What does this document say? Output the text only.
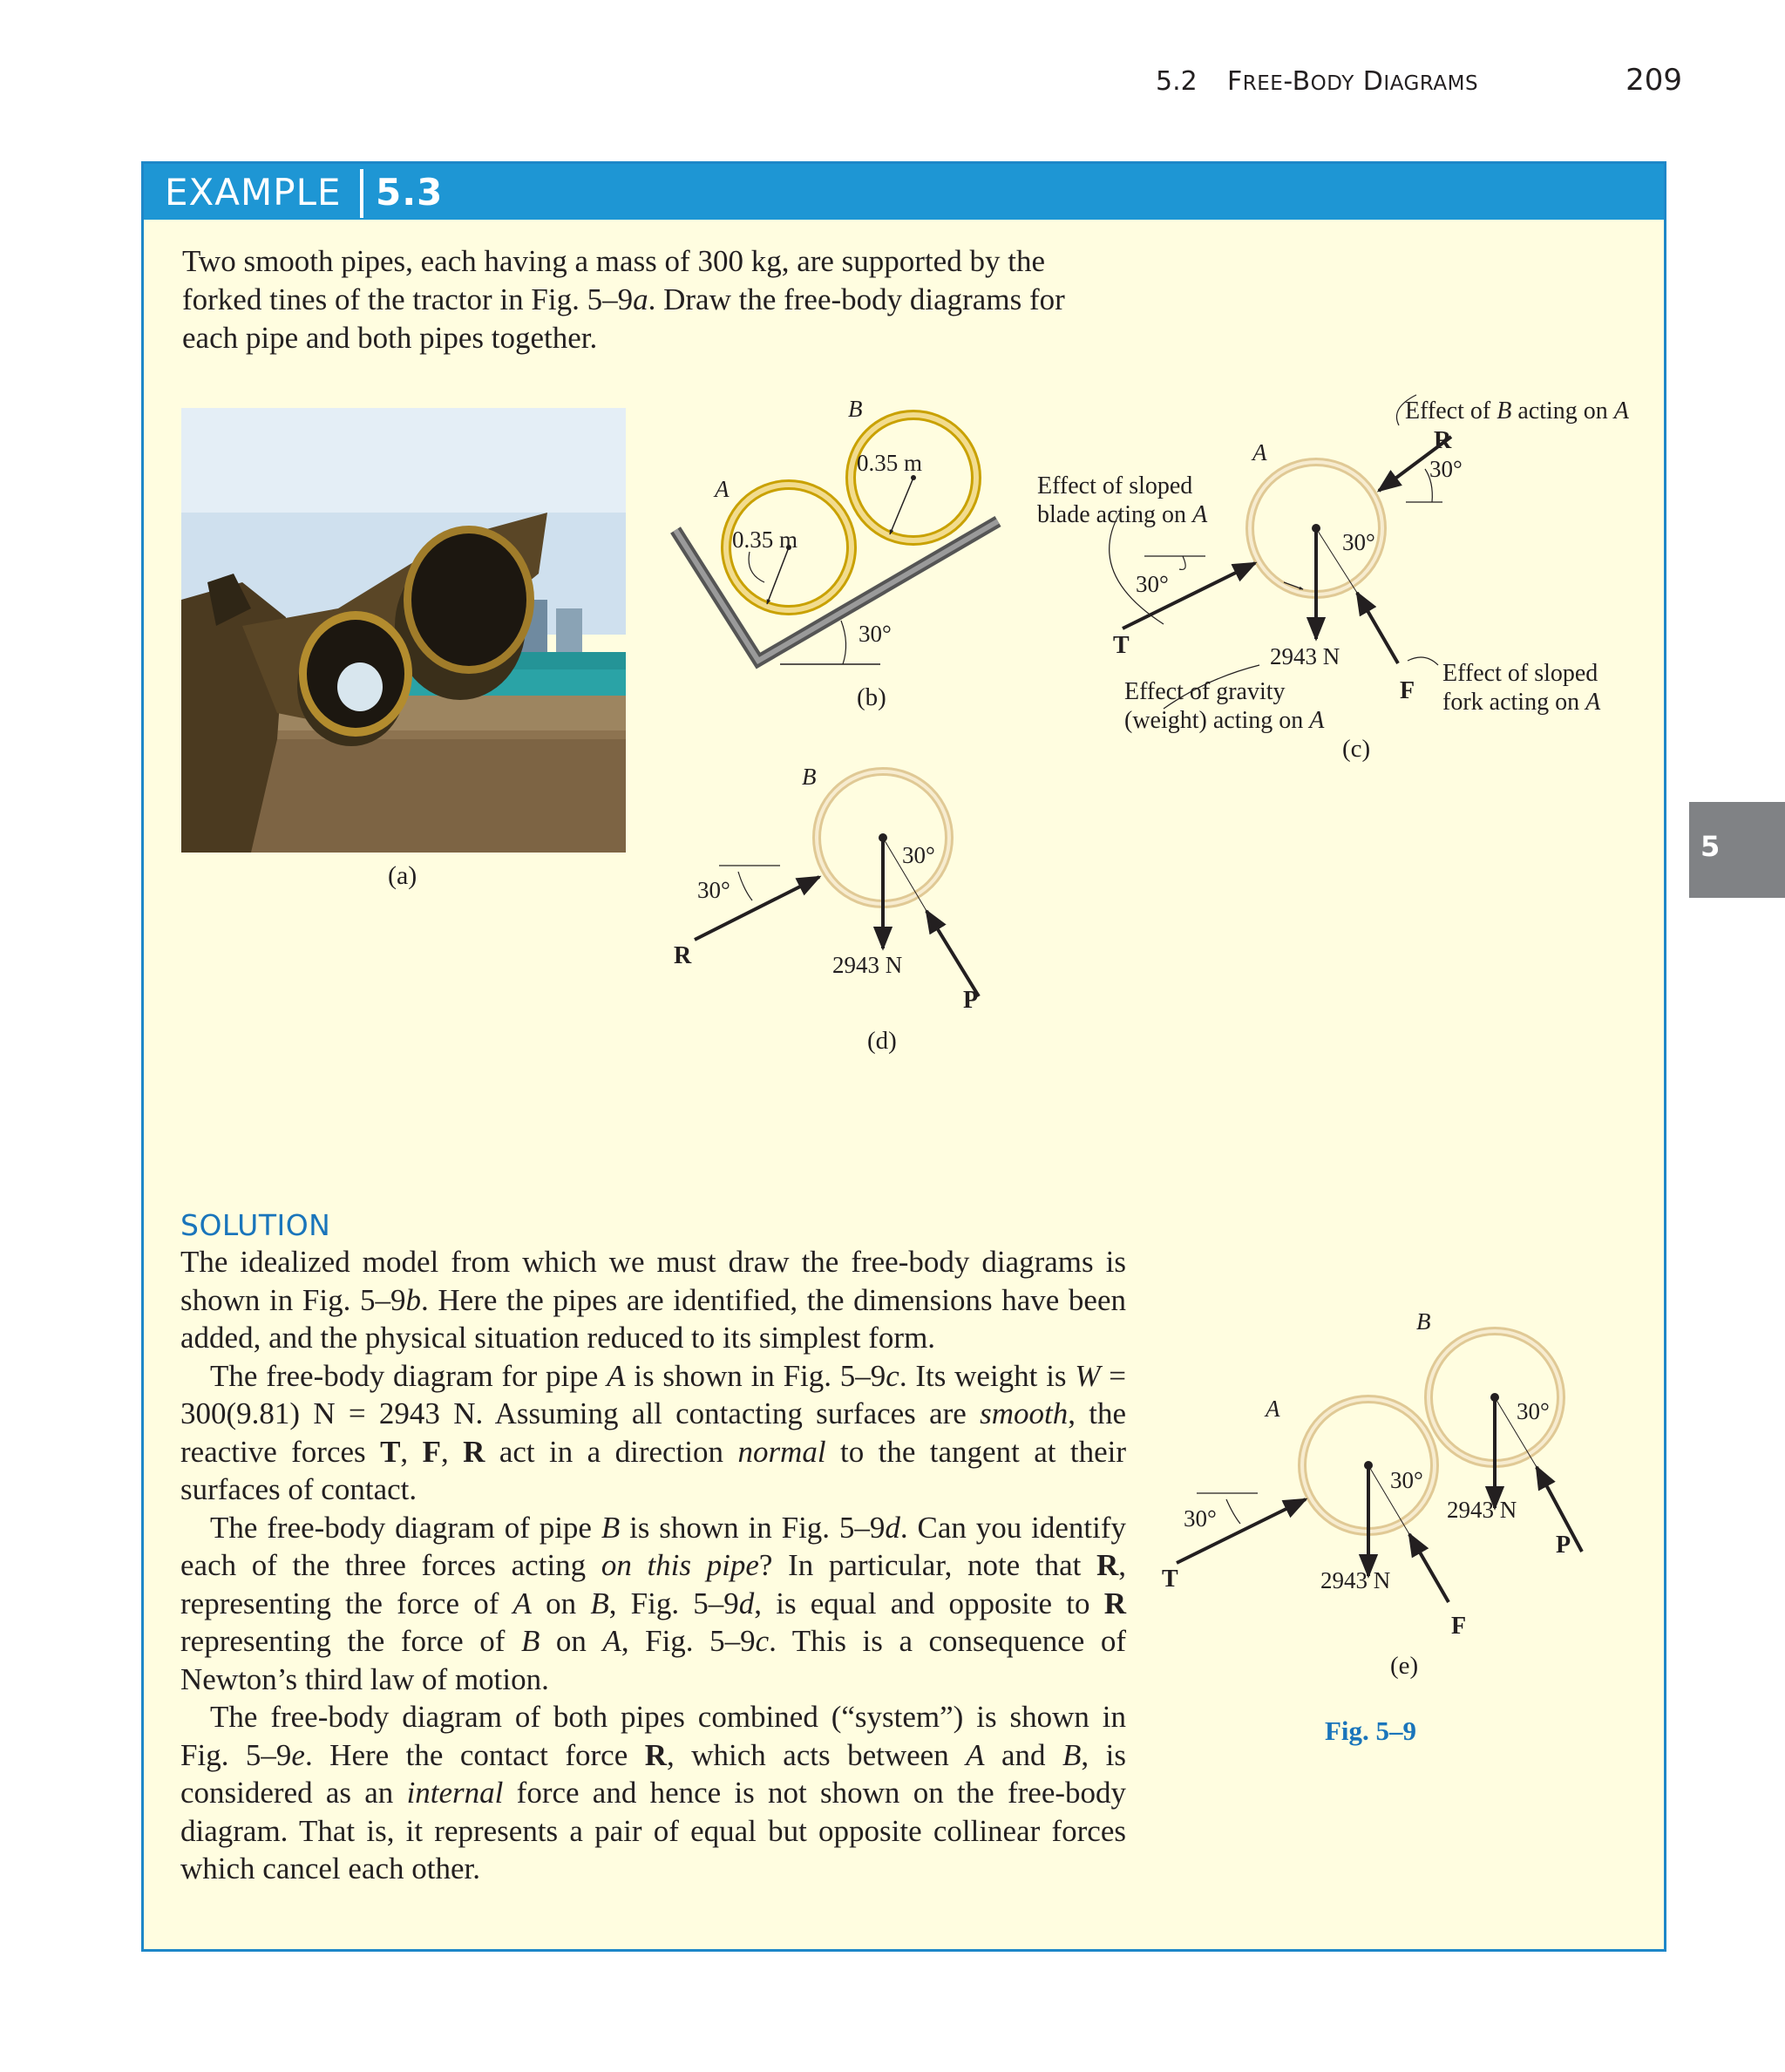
5.2 FREE-BODY DIAGRAMS	209
EXAMPLE 5.3

Two smooth pipes, each having a mass of 300 kg, are supported by the forked tines of the tractor in Fig. 5–9a. Draw the free-body diagrams for each pipe and both pipes together.

(a)
A
B
0.35 m
0.35 m
30°
(b)
A
Effect of B acting on A
R
30°
Effect of sloped
blade acting on A
30°
30°
T	2943 N
Effect of gravity
(weight) acting on A
F
Effect of sloped
fork acting on A
(c)
B
30°
30°
R	2943 N
P
(d)
A
B
30°
30°
30°	2943 N
P
T	2943 N
F
(e)
Fig. 5–9
SOLUTION

The idealized model from which we must draw the free-body diagrams is shown in Fig. 5–9b. Here the pipes are identified, the dimensions have been added, and the physical situation reduced to its simplest form.

The free-body diagram for pipe A is shown in Fig. 5–9c. Its weight is W = 300(9.81) N = 2943 N. Assuming all contacting surfaces are smooth, the reactive forces T, F, R act in a direction normal to the tangent at their surfaces of contact.

The free-body diagram of pipe B is shown in Fig. 5–9d. Can you identify each of the three forces acting on this pipe? In particular, note that R, representing the force of A on B, Fig. 5–9d, is equal and opposite to R representing the force of B on A, Fig. 5–9c. This is a consequence of Newton’s third law of motion.

The free-body diagram of both pipes combined (“system”) is shown in Fig. 5–9e. Here the contact force R, which acts between A and B, is considered as an internal force and hence is not shown on the free-body diagram. That is, it represents a pair of equal but opposite collinear forces which cancel each other.

5
